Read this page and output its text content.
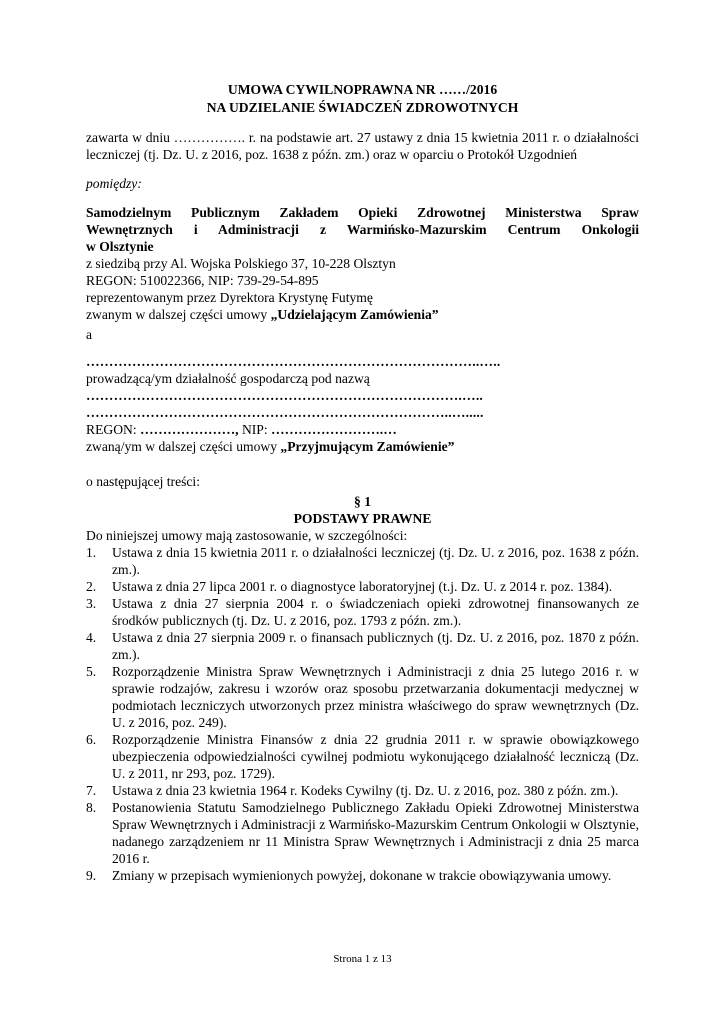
UMOWA CYWILNOPRAWNA NR ……/2016
NA UDZIELANIE ŚWIADCZEŃ ZDROWOTNYCH

zawarta w dniu ……………. r. na podstawie art. 27 ustawy z dnia 15 kwietnia 2011 r. o działalności leczniczej (tj. Dz. U. z 2016, poz. 1638 z późn. zm.) oraz w oparciu o Protokół Uzgodnień

pomiędzy:

Samodzielnym Publicznym Zakładem Opieki Zdrowotnej Ministerstwa Spraw

Wewnętrznych i Administracji z Warmińsko-Mazurskim Centrum Onkologii

w Olsztynie

z siedzibą przy Al. Wojska Polskiego 37, 10-228 Olsztyn

REGON: 510022366, NIP: 739-29-54-895

reprezentowanym przez Dyrektora Krystynę Futymę

zwanym w dalszej części umowy „Udzielającym Zamówienia”

a

…………………………………………………………………………..…..

prowadzącą/ym działalność gospodarczą pod nazwą

……………………………………………………………………….…..

……………………………………………………………………..….....

REGON: …………………, NIP: …………………….…

zwaną/ym w dalszej części umowy „Przyjmującym Zamówienie”

o następującej treści:

§ 1

PODSTAWY PRAWNE

Do niniejszej umowy mają zastosowanie, w szczególności:

1. Ustawa z dnia 15 kwietnia 2011 r. o działalności leczniczej (tj. Dz. U. z 2016, poz. 1638 z późn. zm.).
2. Ustawa z dnia 27 lipca 2001 r. o diagnostyce laboratoryjnej (t.j. Dz. U. z 2014 r. poz. 1384).
3. Ustawa z dnia 27 sierpnia 2004 r. o świadczeniach opieki zdrowotnej finansowanych ze środków publicznych (tj. Dz. U. z 2016, poz. 1793 z późn. zm.).
4. Ustawa z dnia 27 sierpnia 2009 r. o finansach publicznych (tj. Dz. U. z 2016, poz. 1870 z późn. zm.).
5. Rozporządzenie Ministra Spraw Wewnętrznych i Administracji z dnia 25 lutego 2016 r. w sprawie rodzajów, zakresu i wzorów oraz sposobu przetwarzania dokumentacji medycznej w podmiotach leczniczych utworzonych przez ministra właściwego do spraw wewnętrznych (Dz. U. z 2016, poz. 249).
6. Rozporządzenie Ministra Finansów z dnia 22 grudnia 2011 r. w sprawie obowiązkowego ubezpieczenia odpowiedzialności cywilnej podmiotu wykonującego działalność leczniczą (Dz. U. z 2011, nr 293, poz. 1729).
7. Ustawa z dnia 23 kwietnia 1964 r. Kodeks Cywilny (tj. Dz. U. z 2016, poz. 380 z późn. zm.).
8. Postanowienia Statutu Samodzielnego Publicznego Zakładu Opieki Zdrowotnej Ministerstwa Spraw Wewnętrznych i Administracji z Warmińsko-Mazurskim Centrum Onkologii w Olsztynie, nadanego zarządzeniem nr 11 Ministra Spraw Wewnętrznych i Administracji z dnia 25 marca 2016 r.
9. Zmiany w przepisach wymienionych powyżej, dokonane w trakcie obowiązywania umowy.
Strona 1 z 13
